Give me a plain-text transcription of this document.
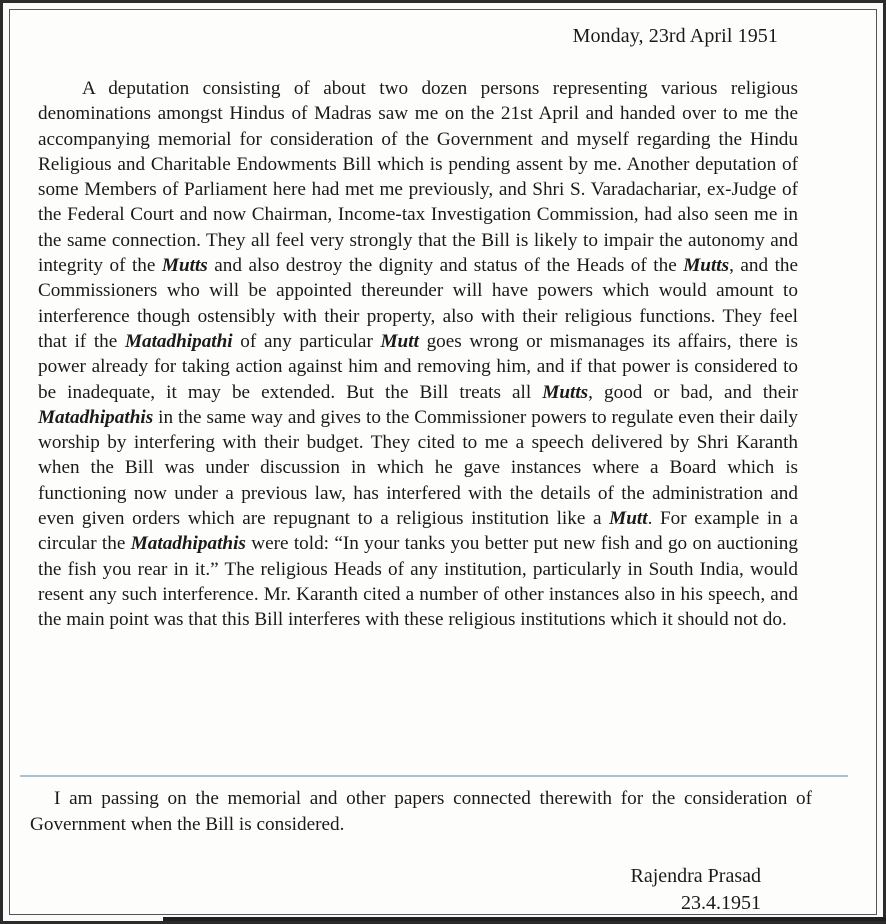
Monday, 23rd April 1951

A deputation consisting of about two dozen persons representing various religious denominations amongst Hindus of Madras saw me on the 21st April and handed over to me the accompanying memorial for consideration of the Government and myself regarding the Hindu Religious and Charitable Endowments Bill which is pending assent by me. Another deputation of some Members of Parliament here had met me previously, and Shri S. Varadachariar, ex-Judge of the Federal Court and now Chairman, Income-tax Investigation Commission, had also seen me in the same connection. They all feel very strongly that the Bill is likely to impair the autonomy and integrity of the Mutts and also destroy the dignity and status of the Heads of the Mutts, and the Commissioners who will be appointed thereunder will have powers which would amount to interference though ostensibly with their property, also with their religious functions. They feel that if the Matadhipathi of any particular Mutt goes wrong or mismanages its affairs, there is power already for taking action against him and removing him, and if that power is considered to be inadequate, it may be extended. But the Bill treats all Mutts, good or bad, and their Matadhipathis in the same way and gives to the Commissioner powers to regulate even their daily worship by interfering with their budget. They cited to me a speech delivered by Shri Karanth when the Bill was under discussion in which he gave instances where a Board which is functioning now under a previous law, has interfered with the details of the administration and even given orders which are repugnant to a religious institution like a Mutt. For example in a circular the Matadhipathis were told: “In your tanks you better put new fish and go on auctioning the fish you rear in it.” The religious Heads of any institution, particularly in South India, would resent any such interference. Mr. Karanth cited a number of other instances also in his speech, and the main point was that this Bill interferes with these religious institutions which it should not do.

I am passing on the memorial and other papers connected therewith for the consideration of Government when the Bill is considered.

Rajendra Prasad
23.4.1951
